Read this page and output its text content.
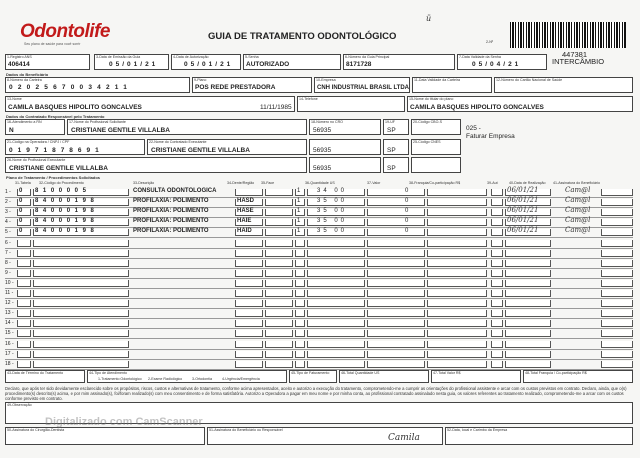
Odontolife
Seu plano de saúde para você sorrir
GUIA DE TRATAMENTO ODONTOLÓGICO
ü
2-Nº
447381
INTERCÂMBIO
1-Registro ANS
406414
3-Data de Emissão da Guia
05/01/21
4-Data de Autorização
05/01/21
5-Senha
AUTORIZADO
6-Número da Guia Principal
8171728
7-Data Validade da Senha
05/04/21
Dados do Beneficiário
8-Número da Carteira
02025670034211
9-Plano
POS REDE PRESTADORA
10-Empresa
CNH INDUSTRIAL BRASIL LTDA
11-Data Validade da Carteira	12-Número do Cartão Nacional de Saúde
13-Nome
CAMILA BASQUES HIPOLITO GONCALVES	11/11/1985
14-Telefone	15-Nome do titular do plano
CAMILA BASQUES HIPOLITO GONCALVES
Dados do Contratado Responsável pelo Tratamento
16-Atendimento a RN
N
17-Nome do Profissional Solicitante
CRISTIANE GENTILE VILLALBA
18-Número no CRO
56935
19-UF
SP
20-Código CBO-S
025 -
Faturar Empresa
21-Código na Operadora / CNPJ / CPF
01971878691
22-Nome do Contratado Executante
CRISTIANE GENTILE VILLALBA	56935	SP
25-Código CNES
26-Nome do Profissional Executante
CRISTIANE GENTILE VILLALBA	56935	SP
Plano de Tratamento / Procedimentos Solicitados
31-Tabela 32-Código do Procedimento	33-Descrição	34-Dente/Região 35-Face	36-Quantidade US	37-Valor	38-Franquia/Co-participação R$	39-Aut	40-Data de Realização 41-Assinatura do Beneficiário
1 - 0 8100005	CONSULTA ODONTOLOGICA	1	34 00	0	06/01/21	Cam@l
2 - 0 84000198	PROFILAXIA: POLIMENTO	HASD	1	35 00	0	06/01/21	Cam@l
3 - 0 84000198	PROFILAXIA: POLIMENTO	HASE	1	35 00	0	06/01/21	Cam@l
4 - 0 84000198	PROFILAXIA: POLIMENTO	HAIE	1	35 00	0	06/01/21	Cam@l
5 - 0 84000198	PROFILAXIA: POLIMENTO	HAID	1	35 00	0	06/01/21	Cam@l
6 -
7 -
8 -
9 -
10 -
11 -
12 -
13 -
14 -
15 -
16 -
17 -
18 -
43-Data de Término do Tratamento	44-Tipo de Atendimento
1-Tratamento Odontológico 2-Exame Radiológico	3-Ortodontia	4-Urgência/Emergência
45-Tipo de Faturamento	46-Total Quantidade US	47-Total Valor R$	48-Total Franquia / Co-participação R$
Declaro, que após ter sido devidamente esclarecido sobre os propósitos, riscos, custos e alternativas de tratamento, conforme acima apresentados, aceito e autorizo a execução do tratamento, comprometendo-me a cumprir as orientações do profissional assistente e arcar com os custos previstos em contrato. Declaro, ainda, que o(s) procedimento(s) descrito(s) acima, e por mim assinado(s), foi/foram realizado(s) com meu consentimento e de forma satisfatória. Autorizo a Operadora a pagar em meu nome e por minha conta, ao profissional contratado assinalado nesta guia, os valores referentes ao tratamento realizado, comprometendo-me a arcar com os custos conforme previsto em contrato.
49-Observação
50-Assinatura do Cirurgião-Dentista	51-Assinatura do Beneficiário ou Responsável
Camila
52-Data, local e Carimbo da Empresa
Digitalizado com CamScanner
